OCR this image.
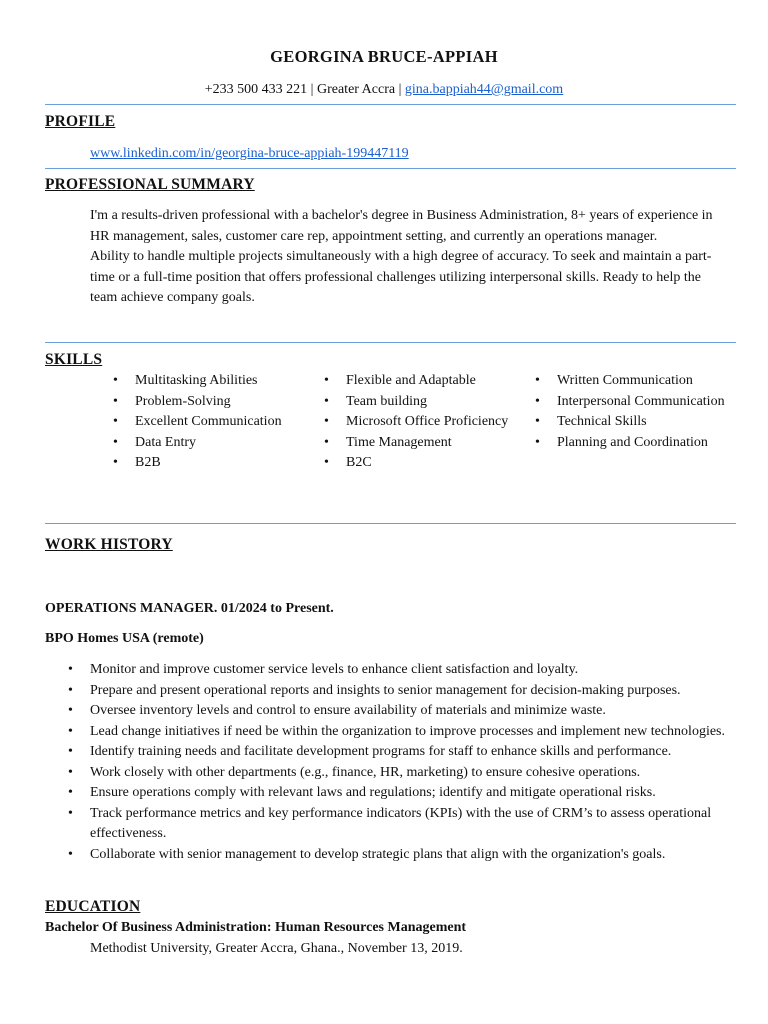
GEORGINA BRUCE-APPIAH
+233 500 433 221 | Greater Accra | gina.bappiah44@gmail.com
PROFILE
www.linkedin.com/in/georgina-bruce-appiah-199447119
PROFESSIONAL SUMMARY

I'm a results-driven professional with a bachelor's degree in Business Administration, 8+ years of experience in HR management, sales, customer care rep, appointment setting, and currently an operations manager.

Ability to handle multiple projects simultaneously with a high degree of accuracy. To seek and maintain a part-time or a full-time position that offers professional challenges utilizing interpersonal skills. Ready to help the team achieve company goals.

SKILLS
• Multitasking Abilities
• Problem-Solving
• Excellent Communication
• Data Entry
• B2B
• Flexible and Adaptable
• Team building
• Microsoft Office Proficiency
• Time Management
• B2C
• Written Communication
• Interpersonal Communication
• Technical Skills
• Planning and Coordination
WORK HISTORY
OPERATIONS MANAGER. 01/2024 to Present.
BPO Homes USA (remote)
• Monitor and improve customer service levels to enhance client satisfaction and loyalty.
• Prepare and present operational reports and insights to senior management for decision-making purposes.
• Oversee inventory levels and control to ensure availability of materials and minimize waste.
• Lead change initiatives if need be within the organization to improve processes and implement new technologies.
• Identify training needs and facilitate development programs for staff to enhance skills and performance.
• Work closely with other departments (e.g., finance, HR, marketing) to ensure cohesive operations.
• Ensure operations comply with relevant laws and regulations; identify and mitigate operational risks.
• Track performance metrics and key performance indicators (KPIs) with the use of CRM’s to assess operational effectiveness.
• Collaborate with senior management to develop strategic plans that align with the organization's goals.
EDUCATION
Bachelor Of Business Administration: Human Resources Management
Methodist University, Greater Accra, Ghana., November 13, 2019.
